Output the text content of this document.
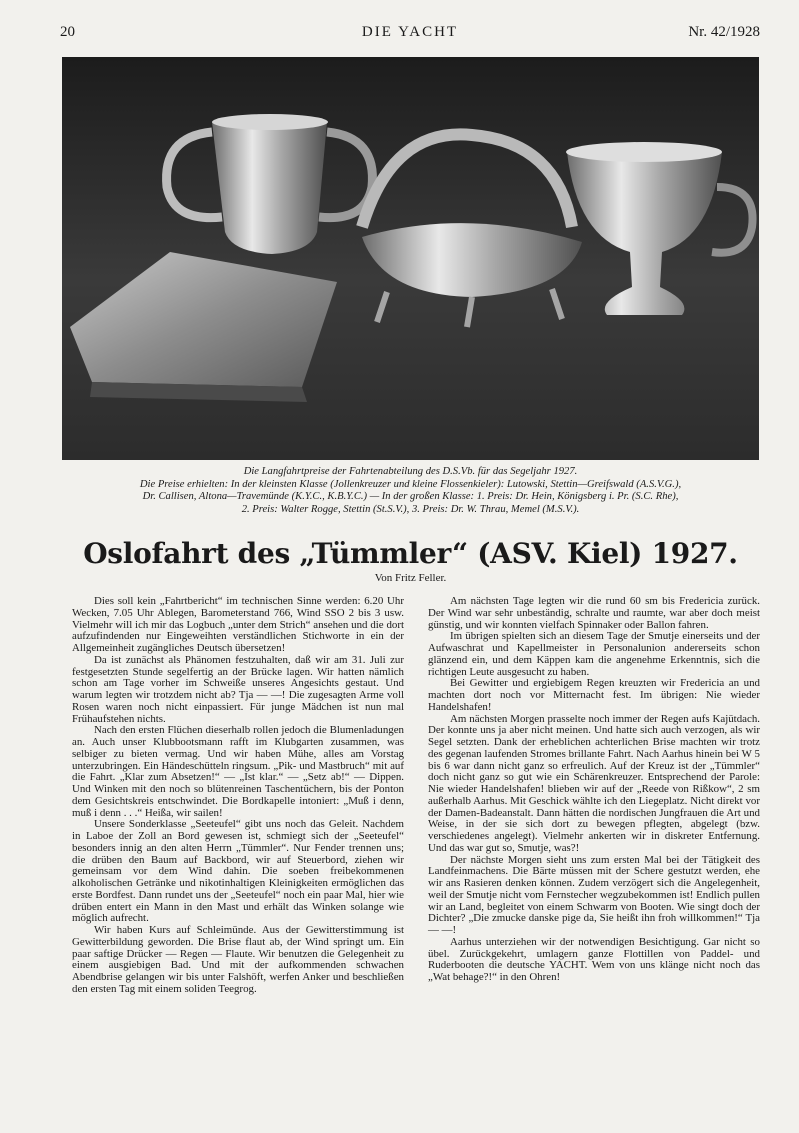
20	DIE YACHT	Nr. 42/1928
Die Langfahrtpreise der Fahrtenabteilung des D.S.Vb. für das Segeljahr 1927.
Die Preise erhielten: In der kleinsten Klasse (Jollenkreuzer und kleine Flossenkieler): Lutowski, Stettin—Greifswald (A.S.V.G.),
Dr. Callisen, Altona—Travemünde (K.Y.C., K.B.Y.C.) — In der großen Klasse: 1. Preis: Dr. Hein, Königsberg i. Pr. (S.C. Rhe),
2. Preis: Walter Rogge, Stettin (St.S.V.), 3. Preis: Dr. W. Thrau, Memel (M.S.V.).
Oslofahrt des „Tümmler“ (ASV. Kiel) 1927.
Von Fritz Feller.

Dies soll kein „Fahrtbericht“ im technischen Sinne werden: 6.20 Uhr Wecken, 7.05 Uhr Ablegen, Barometerstand 766, Wind SSO 2 bis 3 usw. Vielmehr will ich mir das Logbuch „unter dem Strich“ ansehen und die dort aufzufindenden nur Eingeweihten verständlichen Stichworte in ein der Allgemeinheit zugängliches Deutsch übersetzen!

Da ist zunächst als Phänomen festzuhalten, daß wir am 31. Juli zur festgesetzten Stunde segelfertig an der Brücke lagen. Wir hatten nämlich schon am Tage vorher im Schweiße unseres Angesichts gestaut. Und warum legten wir trotzdem nicht ab? Tja — —! Die zugesagten Arme voll Rosen waren noch nicht einpassiert. Für junge Mädchen ist nun mal Frühaufstehen nichts.

Nach den ersten Flüchen dieserhalb rollen jedoch die Blumenladungen an. Auch unser Klubbootsmann rafft im Klubgarten zusammen, was selbiger zu bieten vermag. Und wir haben Mühe, alles am Vorstag unterzubringen. Ein Händeschütteln ringsum. „Pik- und Mastbruch“ mit auf die Fahrt. „Klar zum Absetzen!“ — „Ist klar.“ — „Setz ab!“ — Dippen. Und Winken mit den noch so blütenreinen Taschentüchern, bis der Ponton dem Gesichtskreis entschwindet. Die Bordkapelle intoniert: „Muß i denn, muß i denn . . .“ Heißa, wir sailen!

Unsere Sonderklasse „Seeteufel“ gibt uns noch das Geleit. Nachdem in Laboe der Zoll an Bord gewesen ist, schmiegt sich der „Seeteufel“ besonders innig an den alten Herrn „Tümmler“. Nur Fender trennen uns; die drüben den Baum auf Backbord, wir auf Steuerbord, ziehen wir gemeinsam vor dem Wind dahin. Die soeben freibekommenen alkoholischen Getränke und nikotinhaltigen Kleinigkeiten ermöglichen das erste Bordfest. Dann rundet uns der „Seeteufel“ noch ein paar Mal, hier wie drüben entert ein Mann in den Mast und erhält das Winken solange wie möglich aufrecht.

Wir haben Kurs auf Schleimünde. Aus der Gewitterstimmung ist Gewitterbildung geworden. Die Brise flaut ab, der Wind springt um. Ein paar saftige Drücker — Regen — Flaute. Wir benutzen die Gelegenheit zu einem ausgiebigen Bad. Und mit der aufkommenden schwachen Abendbrise gelangen wir bis unter Falshöft, werfen Anker und beschließen den ersten Tag mit einem soliden Teegrog.

Am nächsten Tage legten wir die rund 60 sm bis Fredericia zurück. Der Wind war sehr unbeständig, schralte und raumte, war aber doch meist günstig, und wir konnten vielfach Spinnaker oder Ballon fahren.

Im übrigen spielten sich an diesem Tage der Smutje einerseits und der Aufwaschrat und Kapellmeister in Personalunion andererseits schon glänzend ein, und dem Käppen kam die angenehme Erkenntnis, sich die richtigen Leute ausgesucht zu haben.

Bei Gewitter und ergiebigem Regen kreuzten wir Fredericia an und machten dort noch vor Mitternacht fest. Im übrigen: Nie wieder Handelshafen!

Am nächsten Morgen prasselte noch immer der Regen aufs Kajütdach. Der konnte uns ja aber nicht meinen. Und hatte sich auch verzogen, als wir Segel setzten. Dank der erheblichen achterlichen Brise machten wir trotz des gegenan laufenden Stromes brillante Fahrt. Nach Aarhus hinein bei W 5 bis 6 war dann nicht ganz so erfreulich. Auf der Kreuz ist der „Tümmler“ doch nicht ganz so gut wie ein Schärenkreuzer. Entsprechend der Parole: Nie wieder Handelshafen! blieben wir auf der „Reede von Rißkow“, 2 sm außerhalb Aarhus. Mit Geschick wählte ich den Liegeplatz. Nicht direkt vor der Damen-Badeanstalt. Dann hätten die nordischen Jungfrauen die Art und Weise, in der sie sich dort zu bewegen pflegten, abgelegt (bzw. verschiedenes angelegt). Vielmehr ankerten wir in diskreter Entfernung. Und das war gut so, Smutje, was?!

Der nächste Morgen sieht uns zum ersten Mal bei der Tätigkeit des Landfeinmachens. Die Bärte müssen mit der Schere gestutzt werden, ehe wir ans Rasieren denken können. Zudem verzögert sich die Angelegenheit, weil der Smutje nicht vom Fernstecher wegzubekommen ist! Endlich pullen wir an Land, begleitet von einem Schwarm von Booten. Wie singt doch der Dichter? „Die zmucke danske pige da, Sie heißt ihn froh willkommen!“ Tja — —!

Aarhus unterziehen wir der notwendigen Besichtigung. Gar nicht so übel. Zurückgekehrt, umlagern ganze Flottillen von Paddel- und Ruderbooten die deutsche YACHT. Wem von uns klänge nicht noch das „Wat behage?!“ in den Ohren!
